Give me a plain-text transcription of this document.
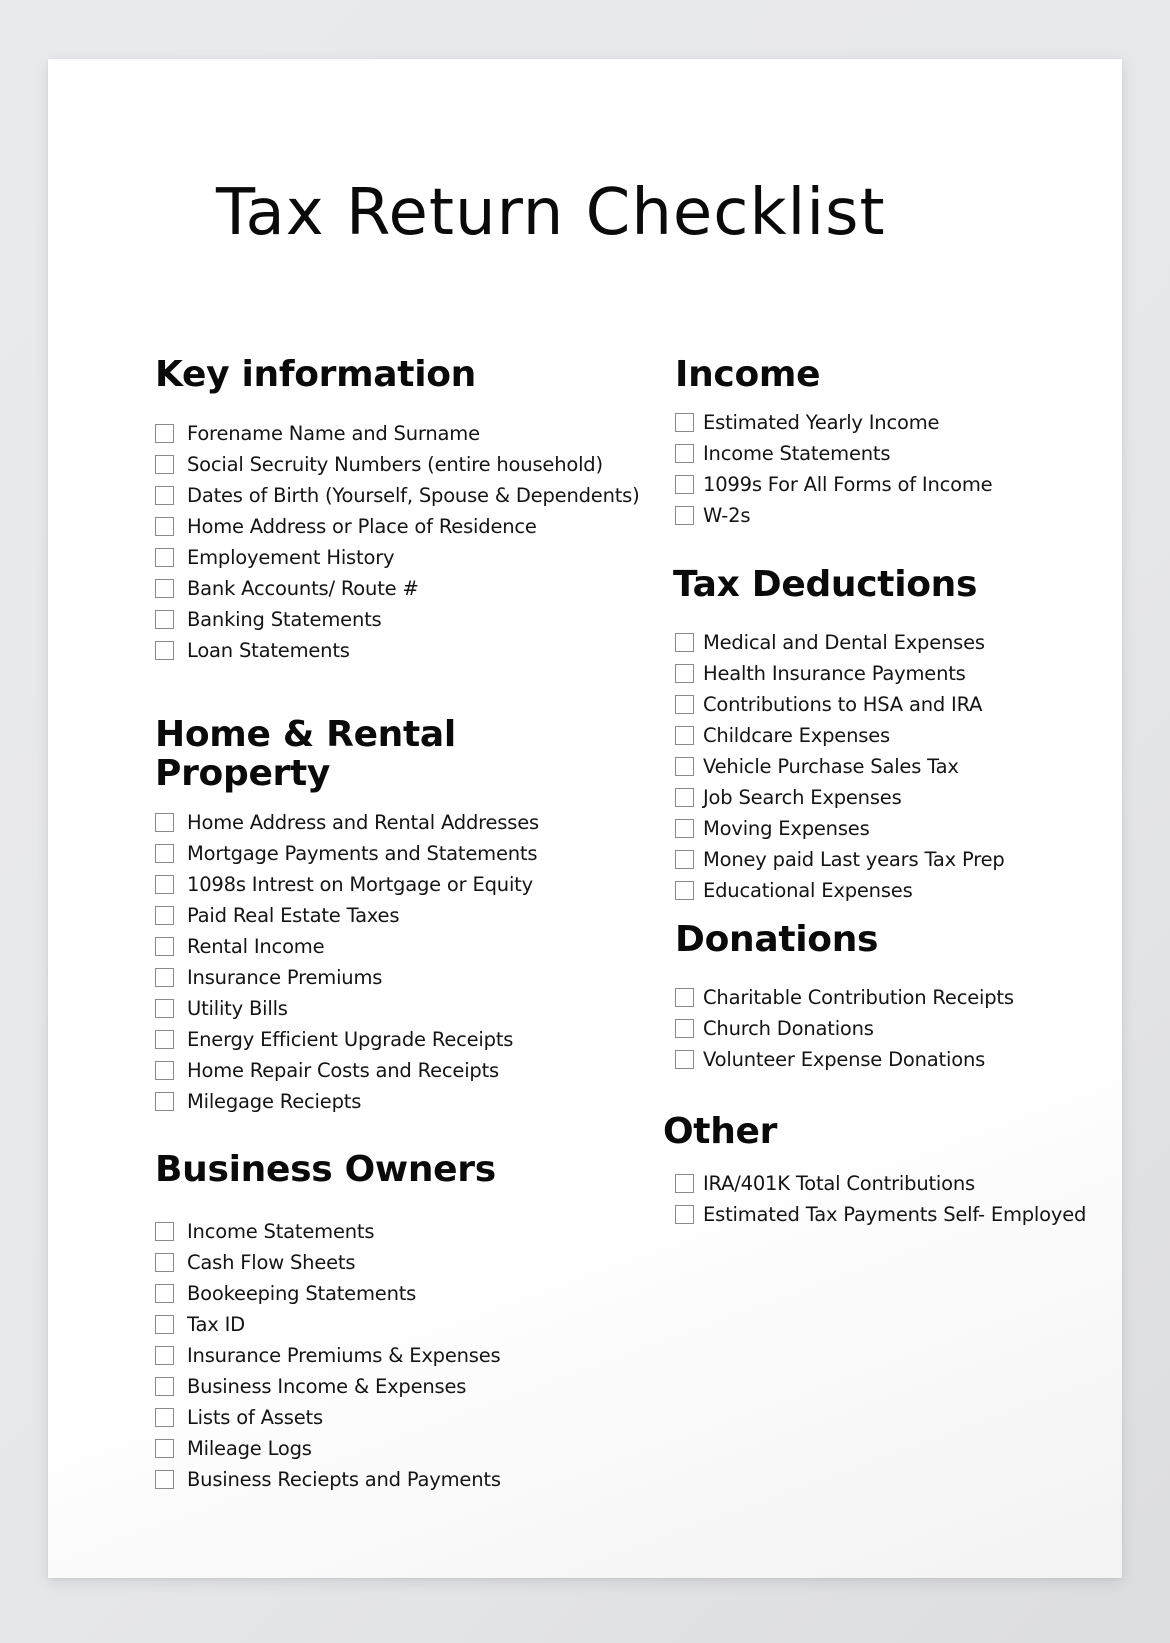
Tax Return Checklist
Key information
Forename Name and Surname
Social Secruity Numbers (entire household)
Dates of Birth (Yourself, Spouse & Dependents)
Home Address or Place of Residence
Employement History
Bank Accounts/ Route #
Banking Statements
Loan Statements
Home & Rental
Property
Home Address and Rental Addresses
Mortgage Payments and Statements
1098s Intrest on Mortgage or Equity
Paid Real Estate Taxes
Rental Income
Insurance Premiums
Utility Bills
Energy Efficient Upgrade Receipts
Home Repair Costs and Receipts
Milegage Reciepts
Business Owners
Income Statements
Cash Flow Sheets
Bookeeping Statements
Tax ID
Insurance Premiums & Expenses
Business Income & Expenses
Lists of Assets
Mileage Logs
Business Reciepts and Payments
Income
Estimated Yearly Income
Income Statements
1099s For All Forms of Income
W-2s
Tax Deductions
Medical and Dental Expenses
Health Insurance Payments
Contributions to HSA and IRA
Childcare Expenses
Vehicle Purchase Sales Tax
Job Search Expenses
Moving Expenses
Money paid Last years Tax Prep
Educational Expenses
Donations
Charitable Contribution Receipts
Church Donations
Volunteer Expense Donations
Other
IRA/401K Total Contributions
Estimated Tax Payments Self- Employed
